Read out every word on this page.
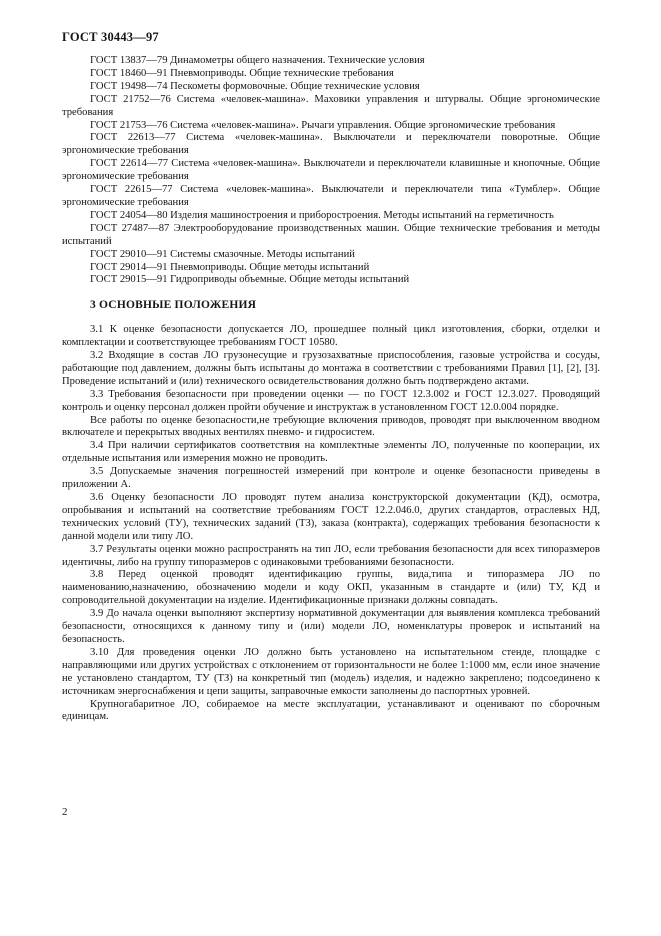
ГОСТ 30443—97

ГОСТ 13837—79 Динамометры общего назначения. Технические условия

ГОСТ 18460—91 Пневмоприводы. Общие технические требования

ГОСТ 19498—74 Пескометы формовочные. Общие технические условия

ГОСТ 21752—76 Система «человек-машина». Маховики управления и штурвалы. Общие эргономические требования

ГОСТ 21753—76 Система «человек-машина». Рычаги управления. Общие эргономические требования

ГОСТ 22613—77 Система «человек-машина». Выключатели и переключатели поворотные. Общие эргономические требования

ГОСТ 22614—77 Система «человек-машина». Выключатели и переключатели клавишные и кнопочные. Общие эргономические требования

ГОСТ 22615—77 Система «человек-машина». Выключатели и переключатели типа «Тумблер». Общие эргономические требования

ГОСТ 24054—80 Изделия машиностроения и приборостроения. Методы испытаний на герметичность

ГОСТ 27487—87 Электрооборудование производственных машин. Общие технические требования и методы испытаний

ГОСТ 29010—91 Системы смазочные. Методы испытаний

ГОСТ 29014—91 Пневмоприводы. Общие методы испытаний

ГОСТ 29015—91 Гидроприводы объемные. Общие методы испытаний

3 ОСНОВНЫЕ ПОЛОЖЕНИЯ

3.1 К оценке безопасности допускается ЛО, прошедшее полный цикл изготовления, сборки, отделки и комплектации и соответствующее требованиям ГОСТ 10580.

3.2 Входящие в состав ЛО грузонесущие и грузозахватные приспособления, газовые устройства и сосуды, работающие под давлением, должны быть испытаны до монтажа в соответствии с требованиями Правил [1], [2], [3]. Проведение испытаний и (или) технического освидетельствования должно быть подтверждено актами.

3.3 Требования безопасности при проведении оценки — по ГОСТ 12.3.002 и ГОСТ 12.3.027. Проводящий контроль и оценку персонал должен пройти обучение и инструктаж в установленном ГОСТ 12.0.004 порядке.

Все работы по оценке безопасности,не требующие включения приводов, проводят при выключенном вводном включателе и перекрытых вводных вентилях пневмо- и гидросистем.

3.4 При наличии сертификатов соответствия на комплектные элементы ЛО, полученные по кооперации, их отдельные испытания или измерения можно не проводить.

3.5 Допускаемые значения погрешностей измерений при контроле и оценке безопасности приведены в приложении А.

3.6 Оценку безопасности ЛО проводят путем анализа конструкторской документации (КД), осмотра, опробывания и испытаний на соответствие требованиям ГОСТ 12.2.046.0, других стандартов, отраслевых НД, технических условий (ТУ), технических заданий (ТЗ), заказа (контракта), содержащих требования безопасности к данной модели или типу ЛО.

3.7 Результаты оценки можно распространять на тип ЛО, если требования безопасности для всех типоразмеров идентичны, либо на группу типоразмеров с одинаковыми требованиями безопасности.

3.8 Перед оценкой проводят идентификацию группы, вида,типа и типоразмера ЛО по наименованию,назначению, обозначению модели и коду ОКП, указанным в стандарте и (или) ТУ, КД и сопроводительной документации на изделие. Идентификационные признаки должны совпадать.

3.9 До начала оценки выполняют экспертизу нормативной документации для выявления комплекса требований безопасности, относящихся к данному типу и (или) модели ЛО, номенклатуры проверок и испытаний на безопасность.

3.10 Для проведения оценки ЛО должно быть установлено на испытательном стенде, площадке с направляющими или других устройствах с отклонением от горизонтальности не более 1:1000 мм, если иное значение не установлено стандартом, ТУ (ТЗ) на конкретный тип (модель) изделия, и надежно закреплено; подсоединено к источникам энергоснабжения и цепи защиты, заправочные емкости заполнены до паспортных уровней.

Крупногабаритное ЛО, собираемое на месте эксплуатации, устанавливают и оценивают по сборочным единицам.

2
